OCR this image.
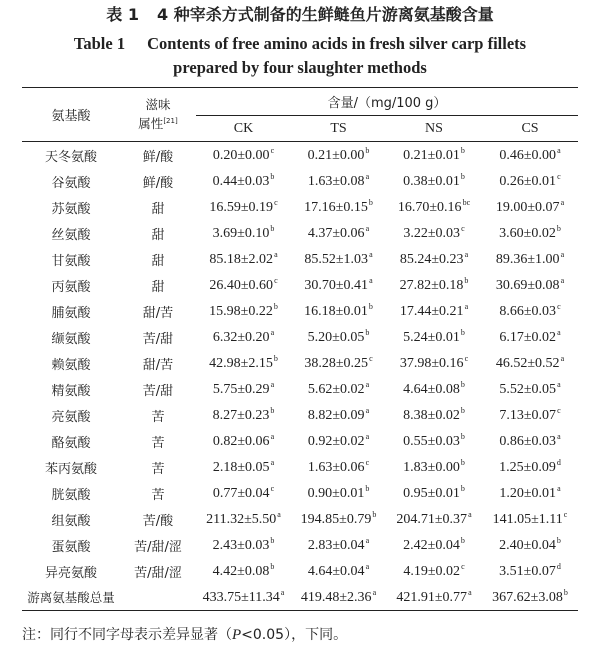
表 1 4 种宰杀方式制备的生鲜鲢鱼片游离氨基酸含量
Table 1 Contents of free amino acids in fresh silver carp fillets
prepared by four slaughter methods
氨基酸	滋味
属性[21]	含量/（mg/100 g）			
		CK	TS	NS	CS
天冬氨酸	鲜/酸	0.20±0.00$^c$	0.21±0.00$^b$	0.21±0.01$^b$	0.46±0.00$^a$
谷氨酸	鲜/酸	0.44±0.03$^b$	1.63±0.08$^a$	0.38±0.01$^b$	0.26±0.01$^c$
苏氨酸	甜	16.59±0.19$^c$	17.16±0.15$^b$	16.70±0.16$^{bc}$	19.00±0.07$^a$
丝氨酸	甜	3.69±0.10$^b$	4.37±0.06$^a$	3.22±0.03$^c$	3.60±0.02$^b$
甘氨酸	甜	85.18±2.02$^a$	85.52±1.03$^a$	85.24±0.23$^a$	89.36±1.00$^a$
丙氨酸	甜	26.40±0.60$^c$	30.70±0.41$^a$	27.82±0.18$^b$	30.69±0.08$^a$
脯氨酸	甜/苦	15.98±0.22$^b$	16.18±0.01$^b$	17.44±0.21$^a$	8.66±0.03$^c$
缬氨酸	苦/甜	6.32±0.20$^a$	5.20±0.05$^b$	5.24±0.01$^b$	6.17±0.02$^a$
赖氨酸	甜/苦	42.98±2.15$^b$	38.28±0.25$^c$	37.98±0.16$^c$	46.52±0.52$^a$
精氨酸	苦/甜	5.75±0.29$^a$	5.62±0.02$^a$	4.64±0.08$^b$	5.52±0.05$^a$
亮氨酸	苦	8.27±0.23$^b$	8.82±0.09$^a$	8.38±0.02$^b$	7.13±0.07$^c$
酪氨酸	苦	0.82±0.06$^a$	0.92±0.02$^a$	0.55±0.03$^b$	0.86±0.03$^a$
苯丙氨酸	苦	2.18±0.05$^a$	1.63±0.06$^c$	1.83±0.00$^b$	1.25±0.09$^d$
胱氨酸	苦	0.77±0.04$^c$	0.90±0.01$^b$	0.95±0.01$^b$	1.20±0.01$^a$
组氨酸	苦/酸	211.32±5.50$^a$	194.85±0.79$^b$	204.71±0.37$^a$	141.05±1.11$^c$
蛋氨酸	苦/甜/涩	2.43±0.03$^b$	2.83±0.04$^a$	2.42±0.04$^b$	2.40±0.04$^b$
异亮氨酸	苦/甜/涩	4.42±0.08$^b$	4.64±0.04$^a$	4.19±0.02$^c$	3.51±0.07$^d$
游离氨基酸总量		433.75±11.34$^a$	419.48±2.36$^a$	421.91±0.77$^a$	367.62±3.08$^b$
注：同行不同字母表示差异显著（P<0.05），下同。
